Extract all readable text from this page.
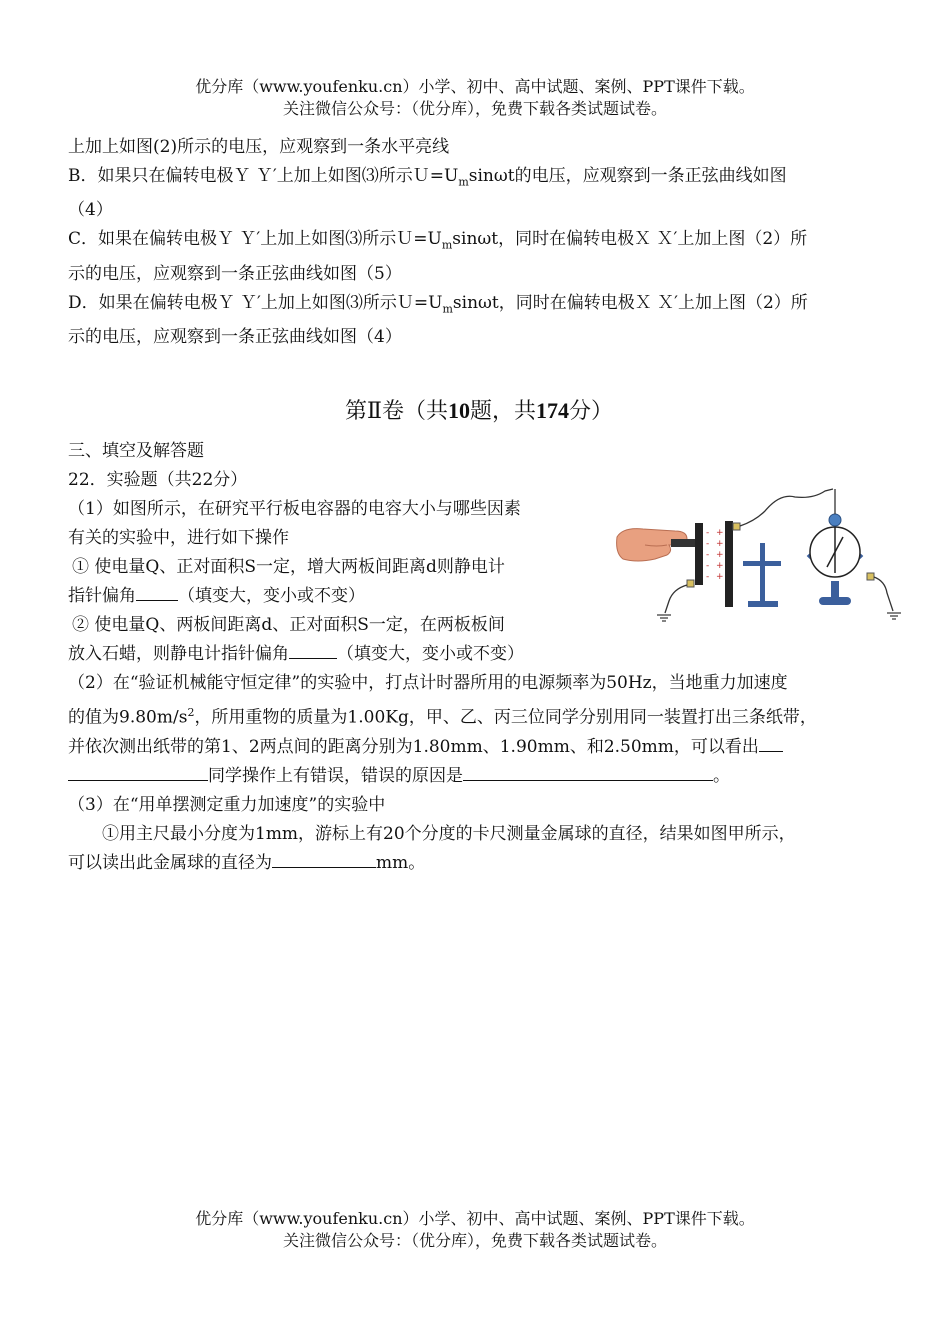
优分库（www.youfenku.cn）小学、初中、高中试题、案例、PPT课件下载。
关注微信公众号：（优分库），免费下载各类试题试卷。
上加上如图(2)所示的电压，应观察到一条水平亮线
B．如果只在偏转电极Ｙ Ｙ′上加上如图⑶所示$U=U_m\sin\omega t$的电压，应观察到一条正弦曲线如图
（4）
C．如果在偏转电极Ｙ Ｙ′上加上如图⑶所示$U=U_m\sin\omega t$，同时在偏转电极Ｘ Ｘ′上加上图（2）所
示的电压，应观察到一条正弦曲线如图（5）
D．如果在偏转电极Ｙ Ｙ′上加上如图⑶所示$U=U_m\sin\omega t$，同时在偏转电极Ｘ Ｘ′上加上图（2）所
示的电压，应观察到一条正弦曲线如图（4）
第Ⅱ卷（共10题，共174分）
三、填空及解答题
22．实验题（共22分）
（1）如图所示，在研究平行板电容器的电容大小与哪些因素
有关的实验中，进行如下操作
① 使电量Q、正对面积S一定，增大两板间距离d则静电计
指针偏角 （填变大，变小或不变）
② 使电量Q、两板间距离d、正对面积S一定，在两板板间
放入石蜡，则静电计指针偏角	（填变大，变小或不变）
（2）在“验证机械能守恒定律”的实验中，打点计时器所用的电源频率为50Hz，当地重力加速度
的值为$9.80m/s^2$，所用重物的质量为1.00Kg，甲、乙、丙三位同学分别用同一装置打出三条纸带，
并依次测出纸带的第1、2两点间的距离分别为1.80mm、1.90mm、和2.50mm，可以看出
同学操作上有错误，错误的原因是	。
（3）在“用单摆测定重力加速度”的实验中
①用主尺最小分度为1mm，游标上有20个分度的卡尺测量金属球的直径，结果如图甲所示，
可以读出此金属球的直径为	mm。
-
-
-
-
-
+
+
+
+
+
优分库（www.youfenku.cn）小学、初中、高中试题、案例、PPT课件下载。
关注微信公众号：（优分库），免费下载各类试题试卷。
